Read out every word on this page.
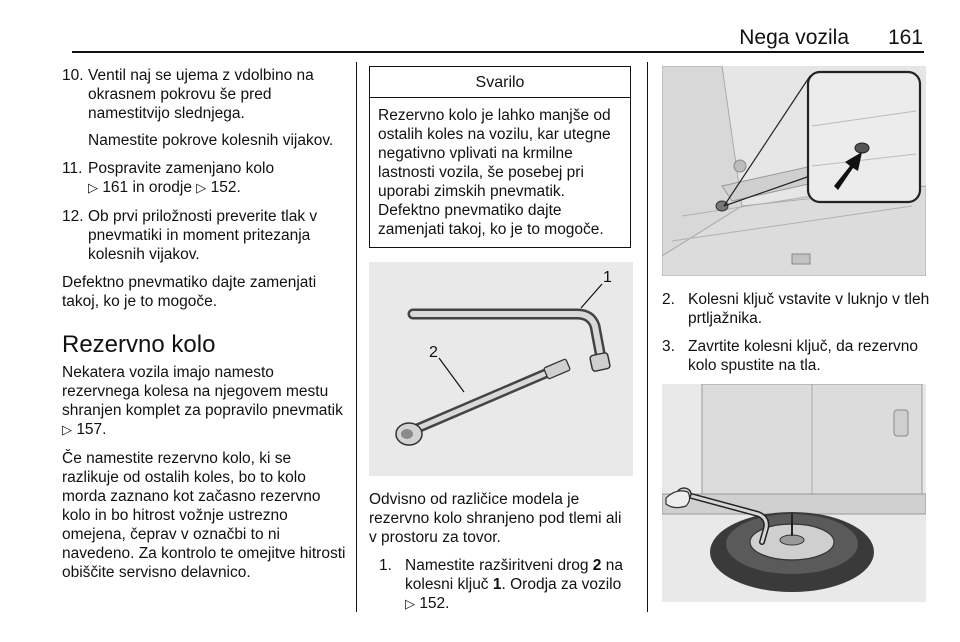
Nega vozila 161
10. Ventil naj se ujema z vdolbino na okrasnem pokrovu še pred namestitvijo slednjega.
Namestite pokrove kolesnih vijakov.
11. Pospravite zamenjano kolo
▷ 161 in orodje ▷ 152.
12. Ob prvi priložnosti preverite tlak v pnevmatiki in moment pritezanja kolesnih vijakov.

Defektno pnevmatiko dajte zamenjati takoj, ko je to mogoče.

Rezervno kolo

Nekatera vozila imajo namesto rezervnega kolesa na njegovem mestu shranjen komplet za popravilo pnevmatik ▷ 157.

Če namestite rezervno kolo, ki se razlikuje od ostalih koles, bo to kolo morda zaznano kot začasno rezervno kolo in bo hitrost vožnje ustrezno omejena, čeprav v označbi to ni navedeno. Za kontrolo te omejitve hitrosti obiščite servisno delavnico.

Svarilo
Rezervno kolo je lahko manjše od ostalih koles na vozilu, kar utegne negativno vplivati na krmilne lastnosti vozila, še posebej pri uporabi zimskih pnevmatik. Defektno pnevmatiko dajte zamenjati takoj, ko je to mogoče.
1
2

Odvisno od različice modela je rezervno kolo shranjeno pod tlemi ali v prostoru za tovor.

1. Namestite razširitveni drog 2 na kolesni ključ 1. Orodja za vozilo
▷ 152.
2. Kolesni ključ vstavite v luknjo v tleh prtljažnika.
3. Zavrtite kolesni ključ, da rezervno kolo spustite na tla.
